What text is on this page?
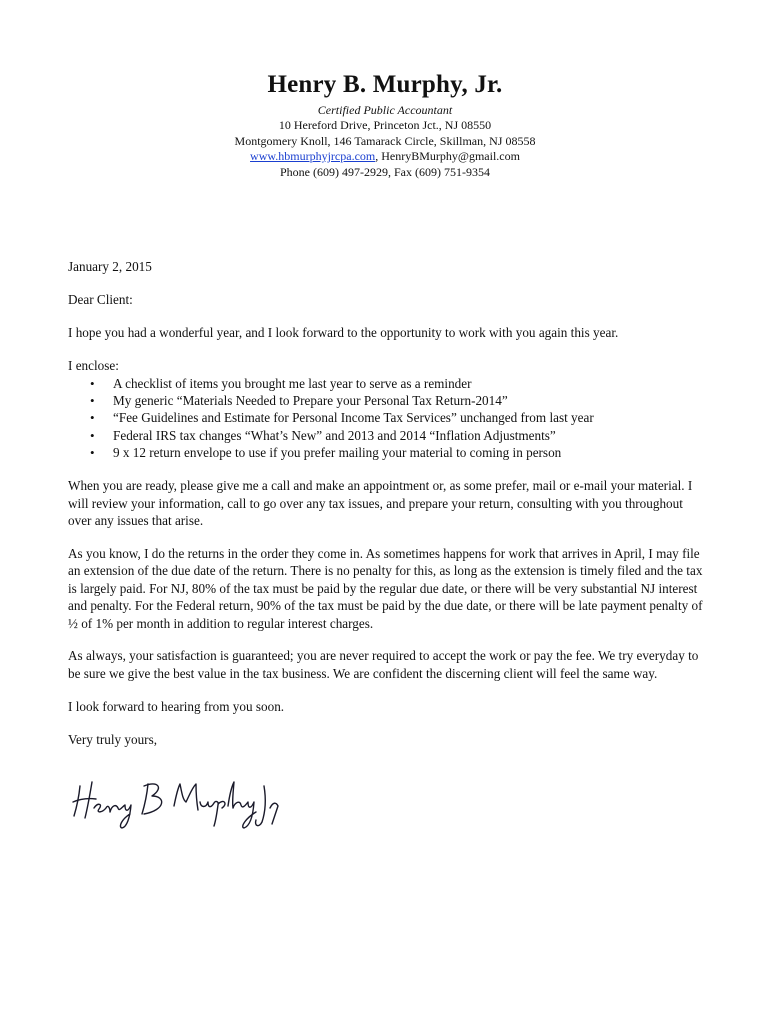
Henry B. Murphy, Jr.
Certified Public Accountant
10 Hereford Drive, Princeton Jct., NJ 08550
Montgomery Knoll, 146 Tamarack Circle, Skillman, NJ 08558
www.hbmurphyjrcpa.com, HenryBMurphy@gmail.com
Phone (609) 497-2929, Fax (609) 751-9354

January 2, 2015

Dear Client:

I hope you had a wonderful year, and I look forward to the opportunity to work with you again this year.

I enclose:

• A checklist of items you brought me last year to serve as a reminder
• My generic “Materials Needed to Prepare your Personal Tax Return-2014”
• “Fee Guidelines and Estimate for Personal Income Tax Services” unchanged from last year
• Federal IRS tax changes “What’s New” and 2013 and 2014 “Inflation Adjustments”
• 9 x 12 return envelope to use if you prefer mailing your material to coming in person

When you are ready, please give me a call and make an appointment or, as some prefer, mail or e-mail your material. I will review your information, call to go over any tax issues, and prepare your return, consulting with you throughout over any issues that arise.

As you know, I do the returns in the order they come in. As sometimes happens for work that arrives in April, I may file an extension of the due date of the return. There is no penalty for this, as long as the extension is timely filed and the tax is largely paid. For NJ, 80% of the tax must be paid by the regular due date, or there will be very substantial NJ interest and penalty. For the Federal return, 90% of the tax must be paid by the due date, or there will be late payment penalty of ½ of 1% per month in addition to regular interest charges.

As always, your satisfaction is guaranteed; you are never required to accept the work or pay the fee. We try everyday to be sure we give the best value in the tax business. We are confident the discerning client will feel the same way.

I look forward to hearing from you soon.

Very truly yours,
